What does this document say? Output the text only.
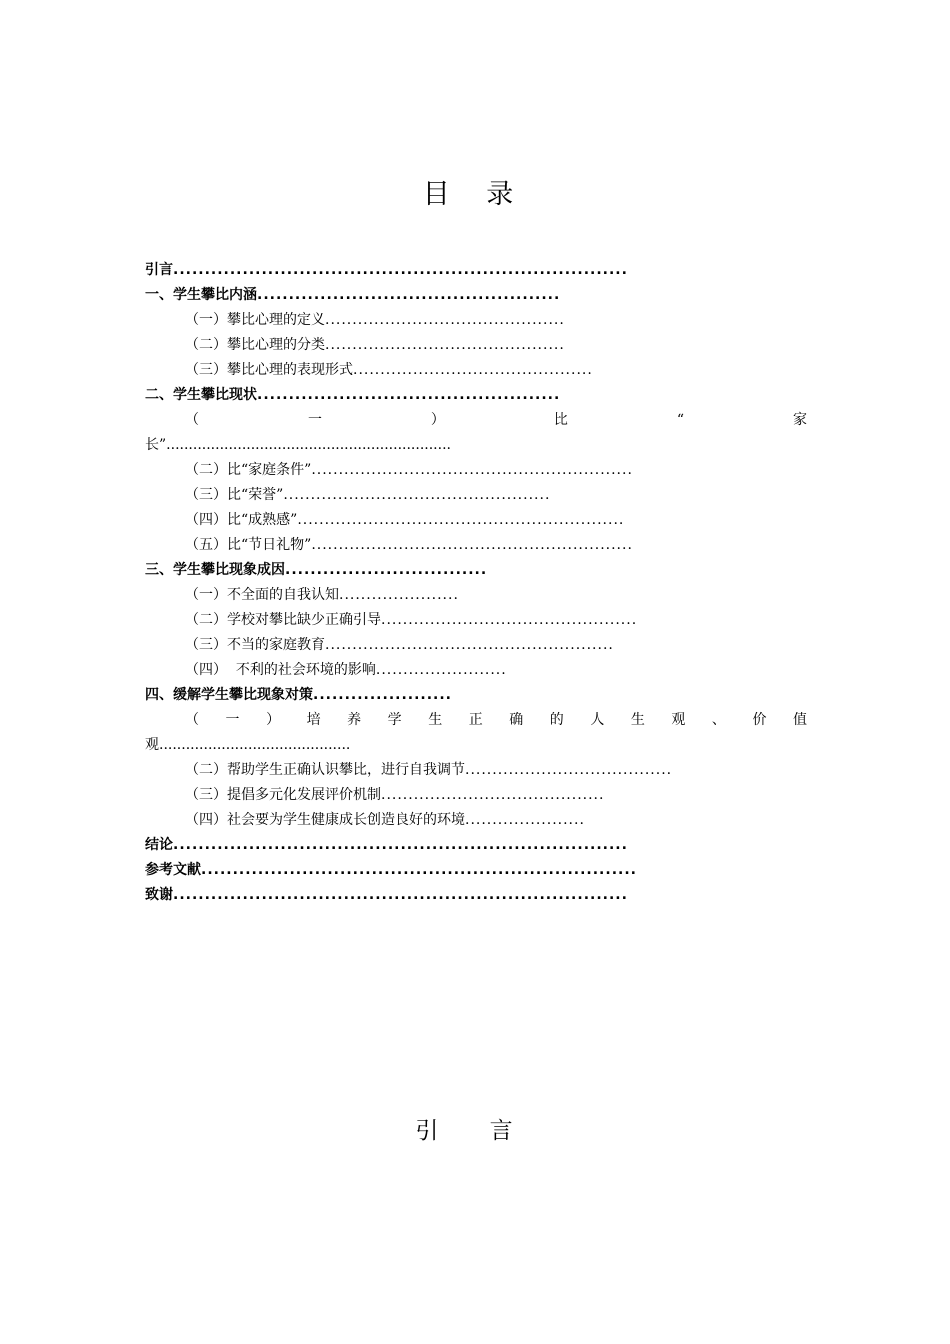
目 录
引言........................................................................
一、学生攀比内涵................................................
（一）攀比心理的定义............................................
（二）攀比心理的分类............................................
（三）攀比心理的表现形式............................................
二、学生攀比现状................................................
（	一	）	比	“	家
长”................................................................
（二）比“家庭条件”...........................................................
（三）比“荣誉”.................................................
（四）比“成熟感”............................................................
（五）比“节日礼物”...........................................................
三、学生攀比现象成因................................
（一）不全面的自我认知......................
（二）学校对攀比缺少正确引导...............................................
（三）不当的家庭教育.....................................................
（四）  不利的社会环境的影响........................
四、缓解学生攀比现象对策......................
（ 一 ） 培 养 学 生 正 确 的 人 生 观 、 价 值
观...........................................
（二）帮助学生正确认识攀比，进行自我调节......................................
（三）提倡多元化发展评价机制.........................................
（四）社会要为学生健康成长创造良好的环境......................
结论........................................................................
参考文献.....................................................................
致谢........................................................................
引 言
